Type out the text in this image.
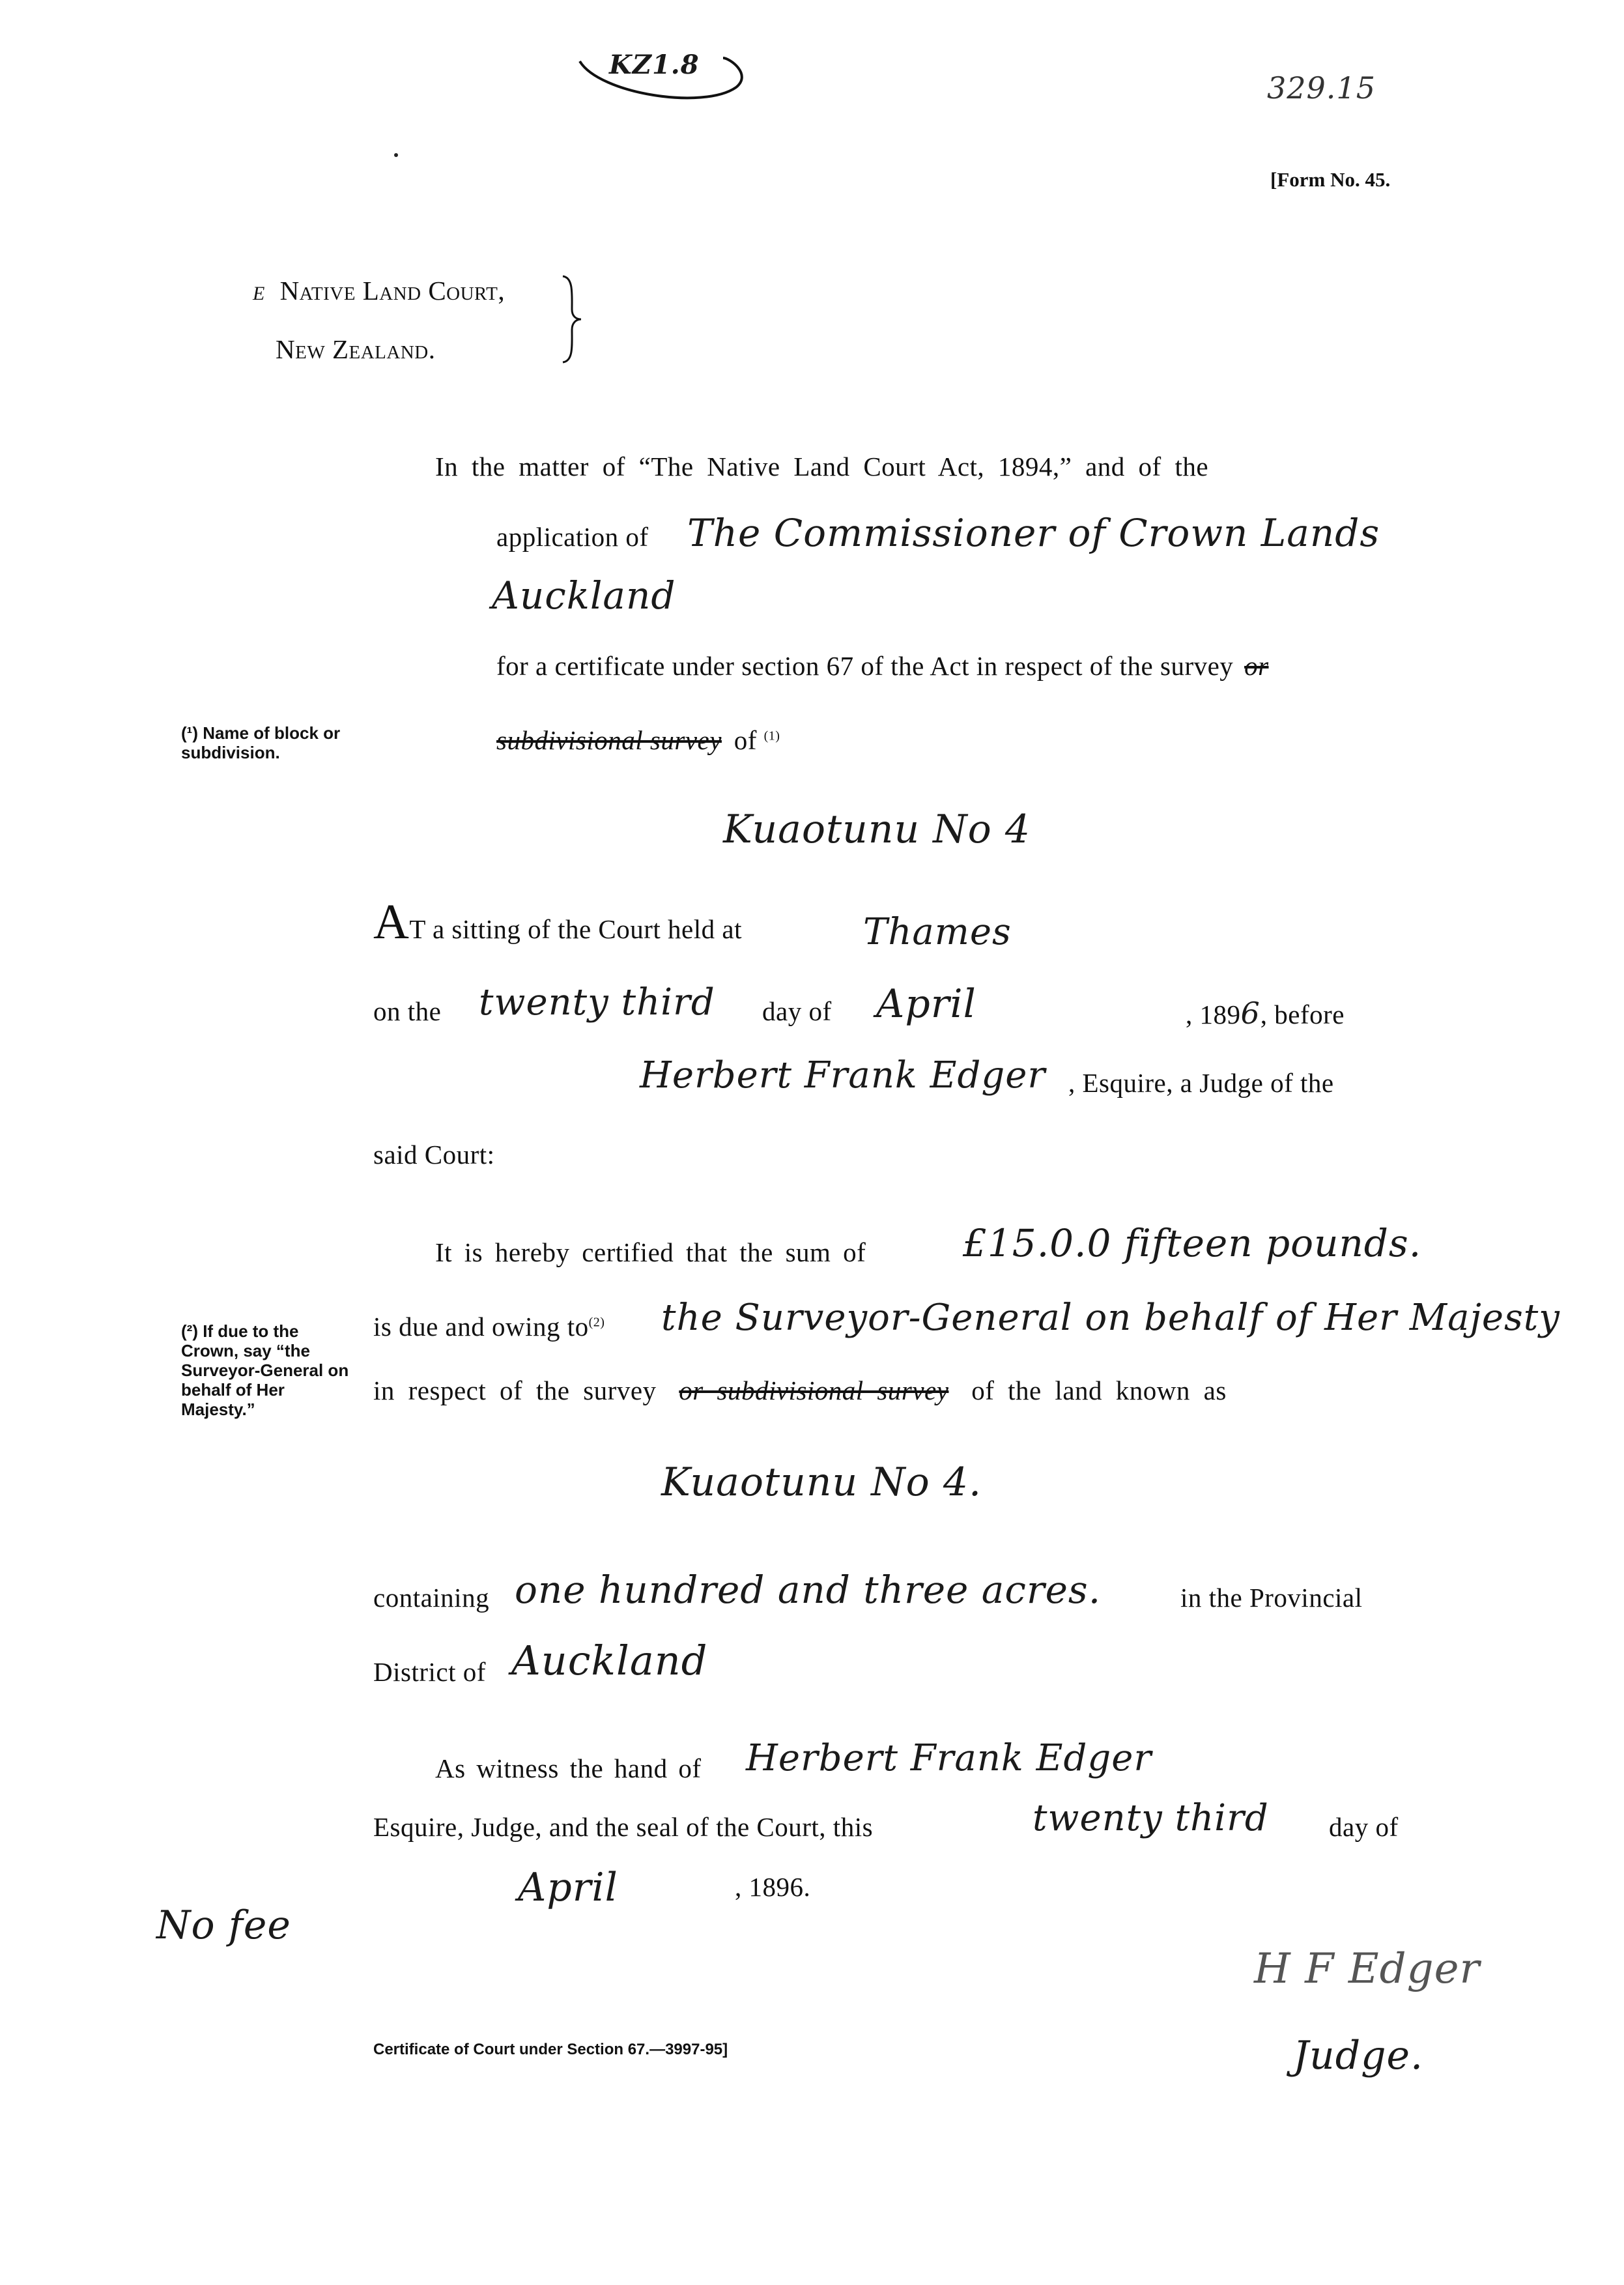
KZ1.8
329.15
[Form No. 45.
E Native Land Court,
New Zealand.
In the matter of “The Native Land Court Act, 1894,” and of the
application of The Commissioner of Crown Lands
Auckland
for a certificate under section 67 of the Act in respect of the survey or
subdivisional survey of $^{(1)}$
Kuaotunu No 4
(¹) Name of block or subdivision.
(²) If due to the Crown, say “the Surveyor-General on behalf of Her Majesty.”
AT a sitting of the Court held at	Thames
on the twenty third day of April	, 1896, before
Herbert Frank Edger , Esquire, a Judge of the
said Court:
It is hereby certified that the sum of	£15.0.0 fifteen pounds.
is due and owing $to^{(2)}$ the Surveyor-General on behalf of Her Majesty
in respect of the survey or subdivisional survey of the land known as
Kuaotunu No 4.
containing one hundred and three acres.	in the Provincial
District of Auckland
As witness the hand of Herbert Frank Edger
Esquire, Judge, and the seal of the Court, this	twenty third day of
April	, 1896.
No fee
Certificate of Court under Section 67.—3997-95]
H F Edger
Judge.
